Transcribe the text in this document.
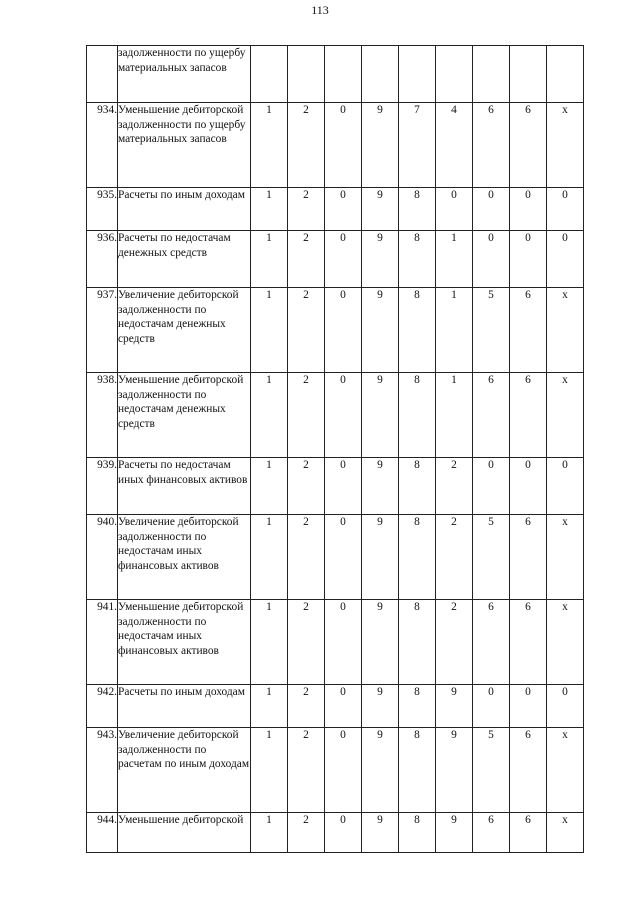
113
	задолженности по ущербу материальных запасов									
934.	Уменьшение дебиторской задолженности по ущербу материальных запасов	1	2	0	9	7	4	6	6	x
935.	Расчеты по иным доходам	1	2	0	9	8	0	0	0	0
936.	Расчеты по недостачам денежных средств	1	2	0	9	8	1	0	0	0
937.	Увеличение дебиторской задолженности по недостачам денежных средств	1	2	0	9	8	1	5	6	x
938.	Уменьшение дебиторской задолженности по недостачам денежных средств	1	2	0	9	8	1	6	6	x
939.	Расчеты по недостачам иных финансовых активов	1	2	0	9	8	2	0	0	0
940.	Увеличение дебиторской задолженности по недостачам иных финансовых активов	1	2	0	9	8	2	5	6	x
941.	Уменьшение дебиторской задолженности по недостачам иных финансовых активов	1	2	0	9	8	2	6	6	x
942.	Расчеты по иным доходам	1	2	0	9	8	9	0	0	0
943.	Увеличение дебиторской задолженности по расчетам по иным доходам	1	2	0	9	8	9	5	6	x
944.	Уменьшение дебиторской	1	2	0	9	8	9	6	6	x
